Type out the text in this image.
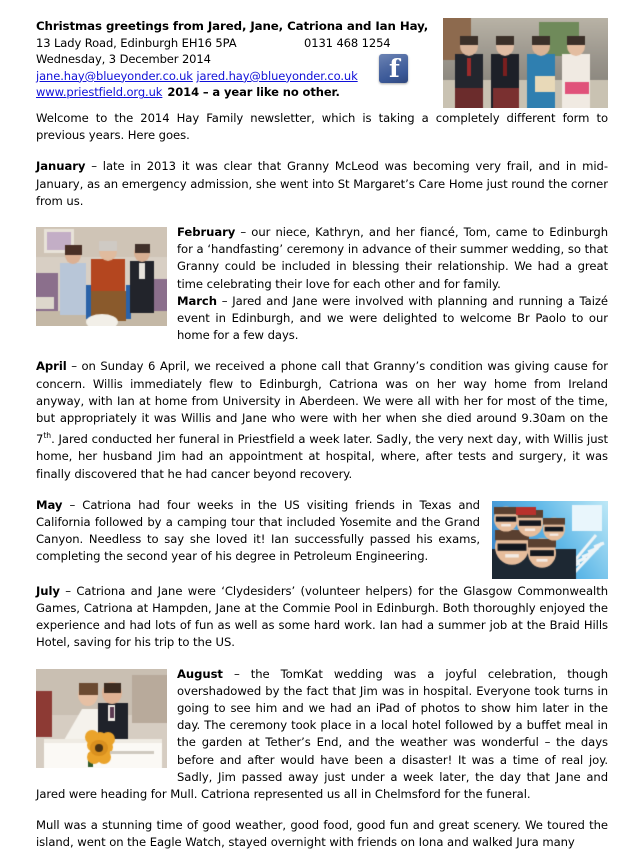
Christmas greetings from Jared, Jane, Catriona and Ian Hay,
13 Lady Road, Edinburgh EH16 5PA	0131 468 1254
Wednesday, 3 December 2014
jane.hay@blueyonder.co.uk jared.hay@blueyonder.co.uk
www.priestfield.org.uk 2014 – a year like no other.
f

Welcome to the 2014 Hay Family newsletter, which is taking a completely different form to previous years. Here goes.

January – late in 2013 it was clear that Granny McLeod was becoming very frail, and in mid-January, as an emergency admission, she went into St Margaret’s Care Home just round the corner from us.

February – our niece, Kathryn, and her fiancé, Tom, came to Edinburgh for a ‘handfasting’ ceremony in advance of their summer wedding, so that Granny could be included in blessing their relationship. We had a great time celebrating their love for each other and for family.

March – Jared and Jane were involved with planning and running a Taizé event in Edinburgh, and we were delighted to welcome Br Paolo to our home for a few days.

April – on Sunday 6 April, we received a phone call that Granny’s condition was giving cause for concern. Willis immediately flew to Edinburgh, Catriona was on her way home from Ireland anyway, with Ian at home from University in Aberdeen. We were all with her for most of the time, but appropriately it was Willis and Jane who were with her when she died around 9.30am on the 7th. Jared conducted her funeral in Priestfield a week later. Sadly, the very next day, with Willis just home, her husband Jim had an appointment at hospital, where, after tests and surgery, it was finally discovered that he had cancer beyond recovery.

May – Catriona had four weeks in the US visiting friends in Texas and California followed by a camping tour that included Yosemite and the Grand Canyon. Needless to say she loved it! Ian successfully passed his exams, completing the second year of his degree in Petroleum Engineering.

July – Catriona and Jane were ‘Clydesiders’ (volunteer helpers) for the Glasgow Commonwealth Games, Catriona at Hampden, Jane at the Commie Pool in Edinburgh. Both thoroughly enjoyed the experience and had lots of fun as well as some hard work. Ian had a summer job at the Braid Hills Hotel, saving for his trip to the US.

August – the TomKat wedding was a joyful celebration, though overshadowed by the fact that Jim was in hospital. Everyone took turns in going to see him and we had an iPad of photos to show him later in the day. The ceremony took place in a local hotel followed by a buffet meal in the garden at Tether’s End, and the weather was wonderful – the days before and after would have been a disaster! It was a time of real joy. Sadly, Jim passed away just under a week later, the day that Jane and Jared were heading for Mull. Catriona represented us all in Chelmsford for the funeral.

Mull was a stunning time of good weather, good food, good fun and great scenery. We toured the island, went on the Eagle Watch, stayed overnight with friends on Iona and walked Jura many
